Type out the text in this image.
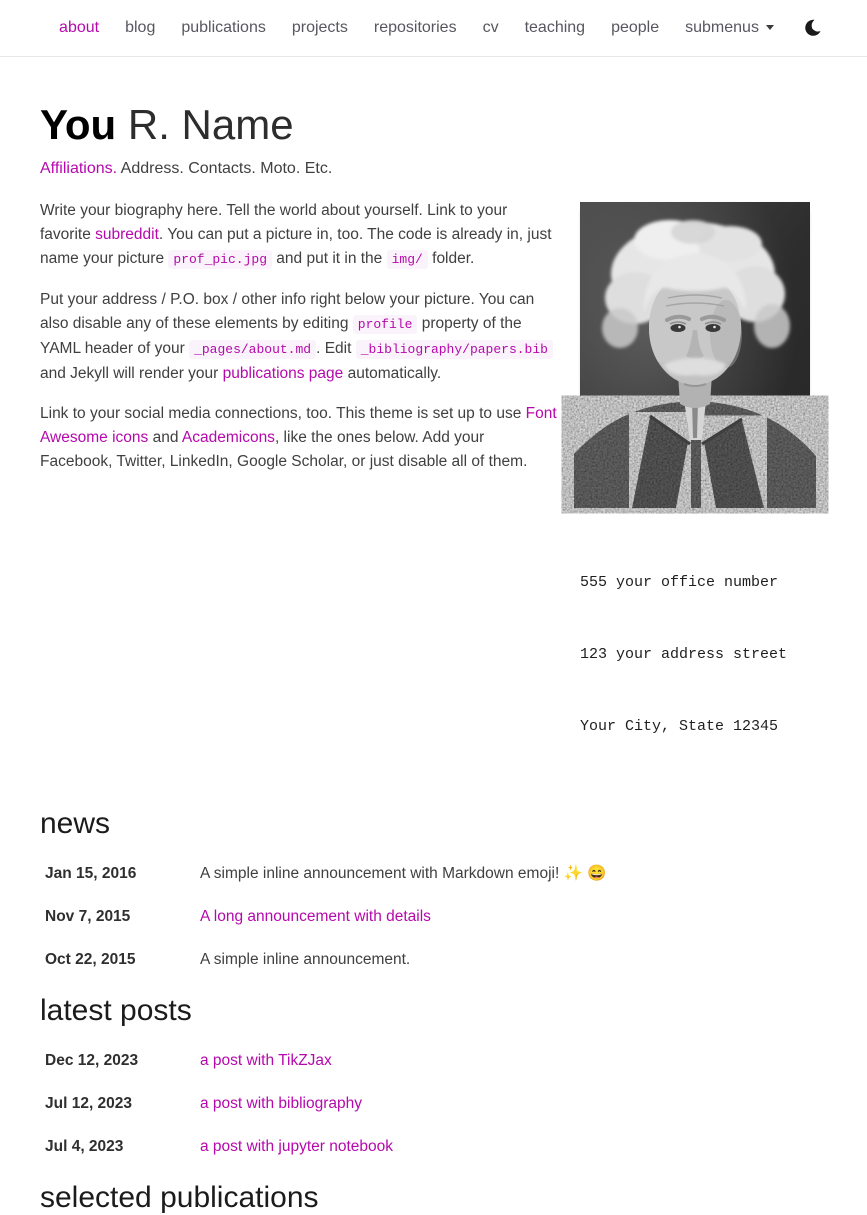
about	blog	publications	projects	repositories	cv	teaching	people	submenus
You R. Name
Affiliations. Address. Contacts. Moto. Etc.

555 your office number

123 your address street

Your City, State 12345

Write your biography here. Tell the world about yourself. Link to your favorite subreddit. You can put a picture in, too. The code is already in, just name your picture prof_pic.jpg and put it in the img/ folder.

Put your address / P.O. box / other info right below your picture. You can also disable any of these elements by editing profile property of the YAML header of your _pages/about.md . Edit _bibliography/papers.bib and Jekyll will render your publications page automatically.

Link to your social media connections, too. This theme is set up to use Font Awesome icons and Academicons, like the ones below. Add your Facebook, Twitter, LinkedIn, Google Scholar, or just disable all of them.

news
Jan 15, 2016	A simple inline announcement with Markdown emoji! ✨ 😄
Nov 7, 2015	A long announcement with details
Oct 22, 2015	A simple inline announcement.
latest posts
Dec 12, 2023	a post with TikZJax
Jul 12, 2023	a post with bibliography
Jul 4, 2023	a post with jupyter notebook
selected publications
